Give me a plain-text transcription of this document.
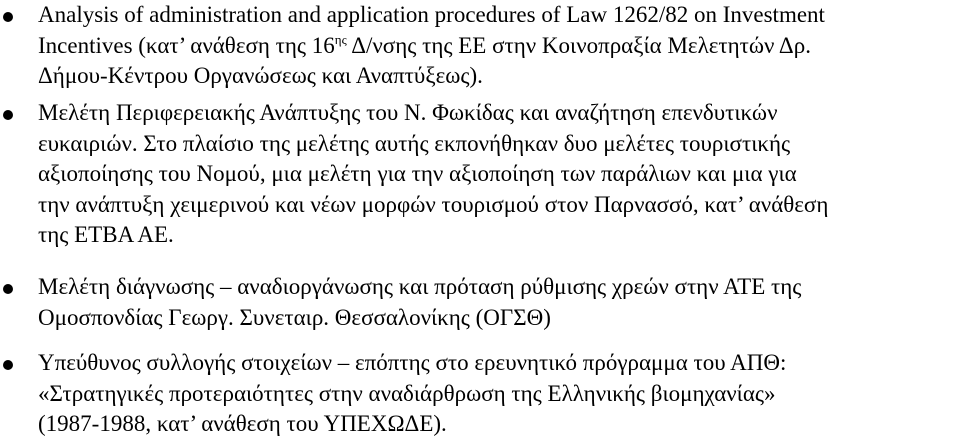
Analysis of administration and application procedures of Law 1262/82 on Investment
Incentives (κατ’ ανάθεση της $16^{\eta\varsigma}$ Δ/νσης της ΕΕ στην Κοινοπραξία Μελετητών Δρ.
Δήμου-Κέντρου Οργανώσεως και Αναπτύξεως).
Μελέτη Περιφερειακής Ανάπτυξης του Ν. Φωκίδας και αναζήτηση επενδυτικών
ευκαιριών. Στο πλαίσιο της μελέτης αυτής εκπονήθηκαν δυο μελέτες τουριστικής
αξιοποίησης του Νομού, μια μελέτη για την αξιοποίηση των παράλιων και μια για
την ανάπτυξη χειμερινού και νέων μορφών τουρισμού στον Παρνασσό, κατ’ ανάθεση
της ΕΤΒΑ ΑΕ.
Μελέτη διάγνωσης – αναδιοργάνωσης και πρόταση ρύθμισης χρεών στην ΑΤΕ της
Ομοσπονδίας Γεωργ. Συνεταιρ. Θεσσαλονίκης (ΟΓΣΘ)
Υπεύθυνος συλλογής στοιχείων – επόπτης στο ερευνητικό πρόγραμμα του ΑΠΘ:
«Στρατηγικές προτεραιότητες στην αναδιάρθρωση της Ελληνικής βιομηχανίας»
(1987-1988, κατ’ ανάθεση του ΥΠΕΧΩΔΕ).
